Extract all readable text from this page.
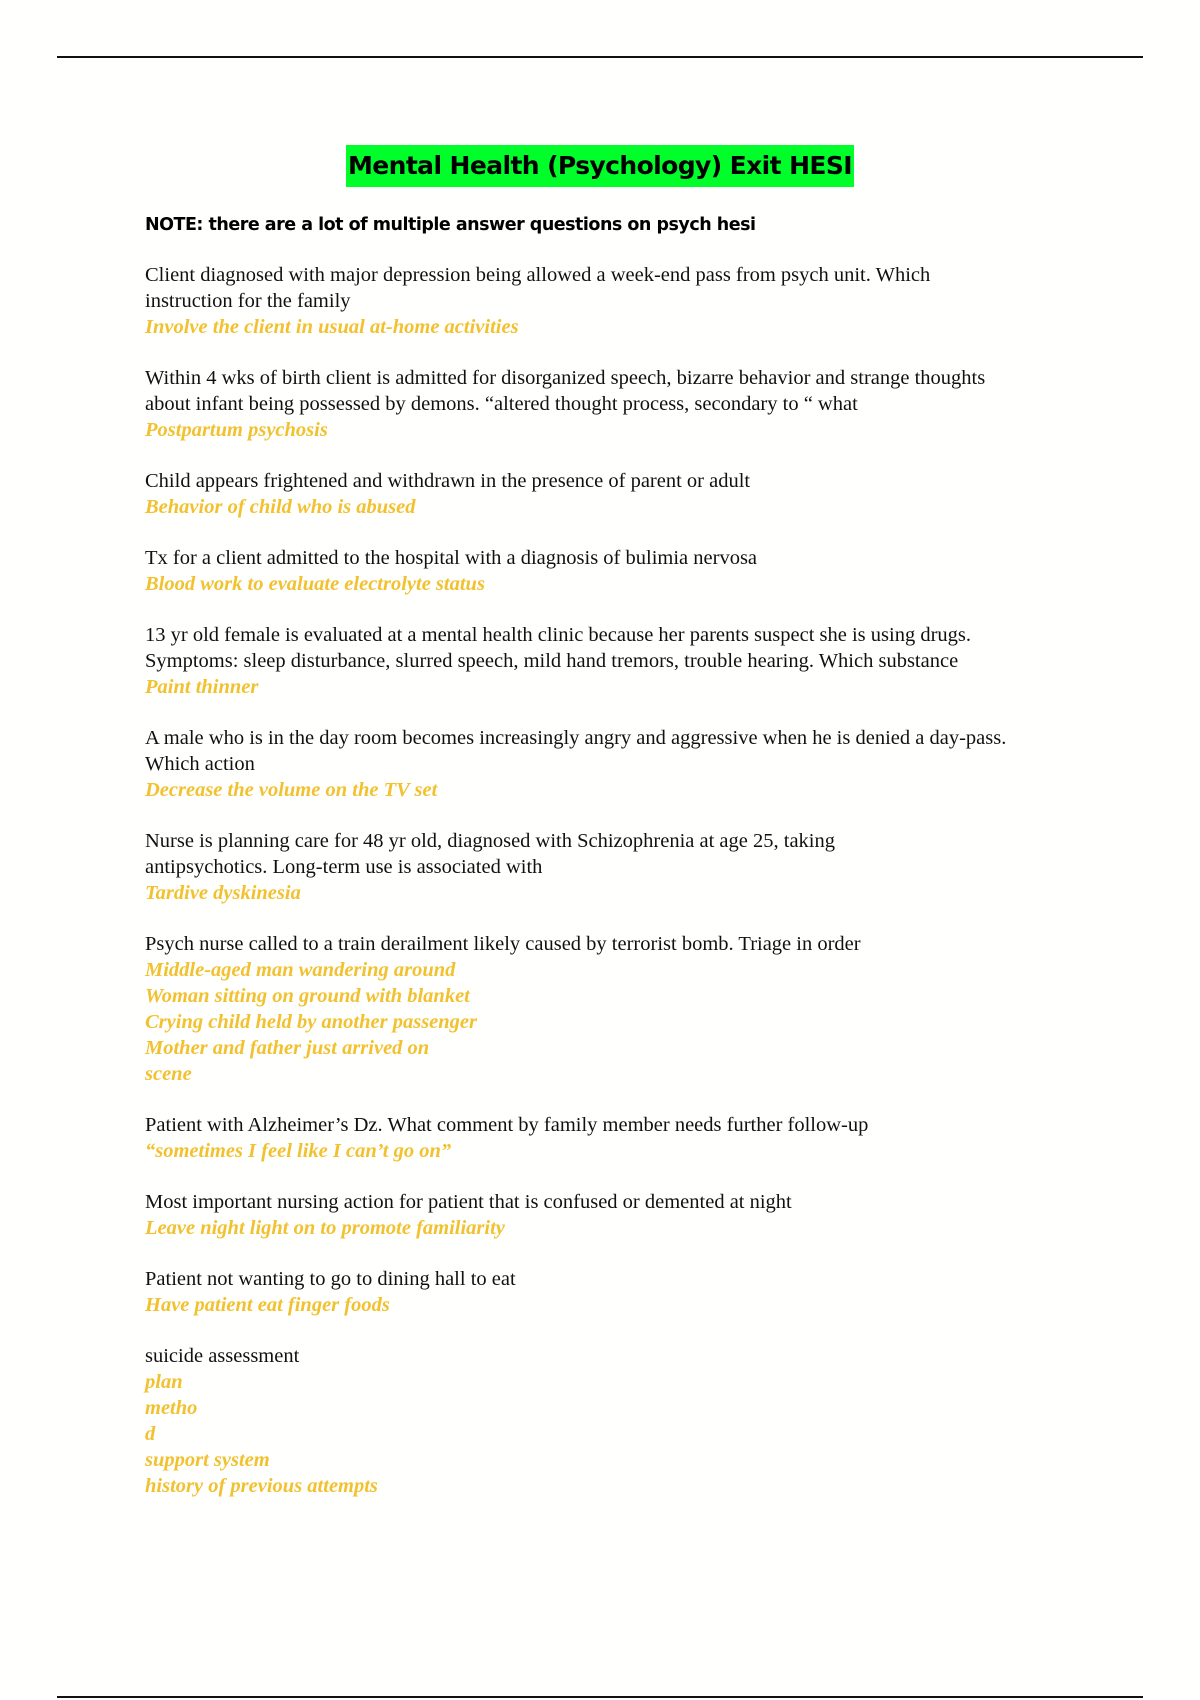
Mental Health (Psychology) Exit HESI
NOTE: there are a lot of multiple answer questions on psych hesi
Client diagnosed with major depression being allowed a week-end pass from psych unit. Which
instruction for the family
Involve the client in usual at-home activities
Within 4 wks of birth client is admitted for disorganized speech, bizarre behavior and strange thoughts
about infant being possessed by demons. “altered thought process, secondary to “ what
Postpartum psychosis
Child appears frightened and withdrawn in the presence of parent or adult
Behavior of child who is abused
Tx for a client admitted to the hospital with a diagnosis of bulimia nervosa
Blood work to evaluate electrolyte status
13 yr old female is evaluated at a mental health clinic because her parents suspect she is using drugs.
Symptoms: sleep disturbance, slurred speech, mild hand tremors, trouble hearing. Which substance
Paint thinner
A male who is in the day room becomes increasingly angry and aggressive when he is denied a day-pass.
Which action
Decrease the volume on the TV set
Nurse is planning care for 48 yr old, diagnosed with Schizophrenia at age 25, taking
antipsychotics. Long-term use is associated with
Tardive dyskinesia
Psych nurse called to a train derailment likely caused by terrorist bomb. Triage in order
Middle-aged man wandering around
Woman sitting on ground with blanket
Crying child held by another passenger
Mother and father just arrived on
scene
Patient with Alzheimer’s Dz. What comment by family member needs further follow-up
“sometimes I feel like I can’t go on”
Most important nursing action for patient that is confused or demented at night
Leave night light on to promote familiarity
Patient not wanting to go to dining hall to eat
Have patient eat finger foods
suicide assessment
plan
metho
d
support system
history of previous attempts
